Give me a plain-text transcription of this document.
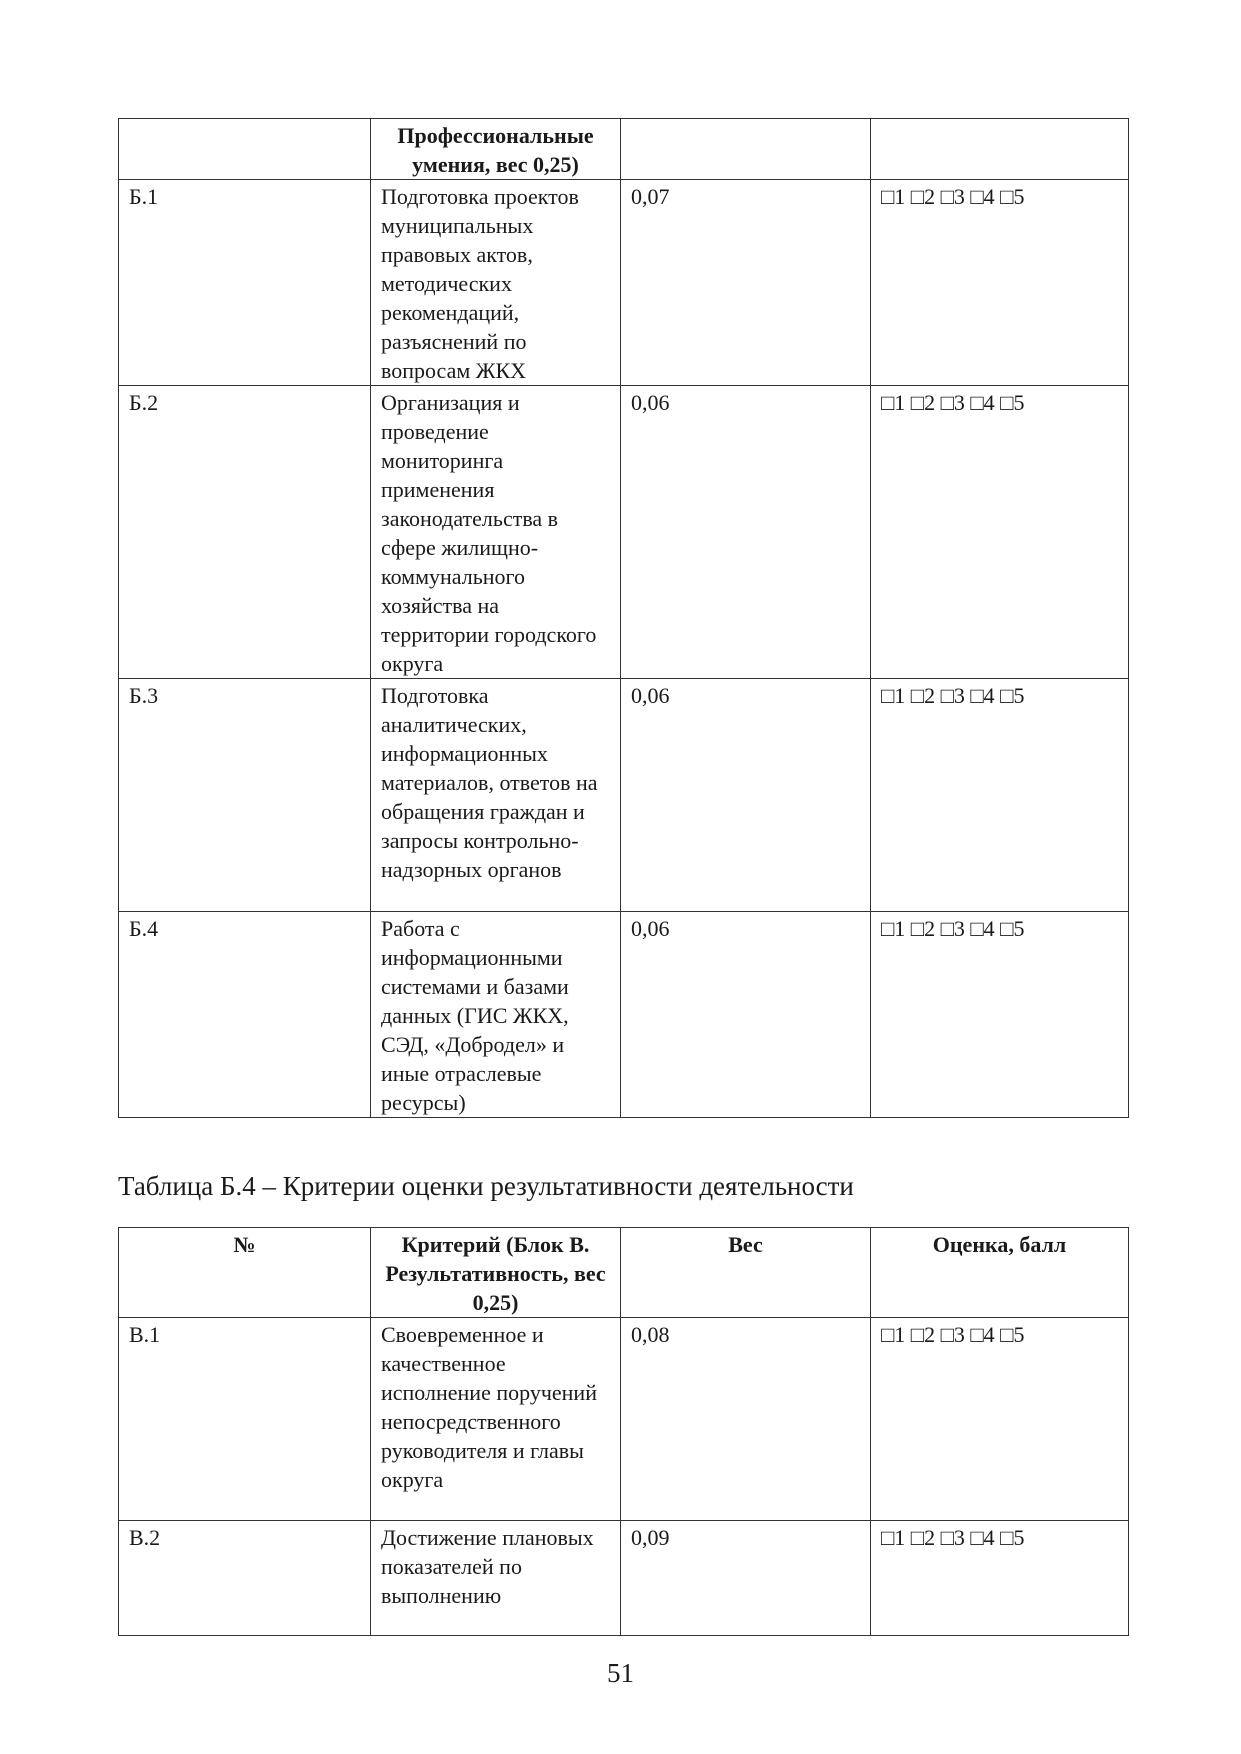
	Профессиональные умения, вес 0,25)		
Б.1	Подготовка проектов муниципальных правовых актов, методических рекомендаций, разъяснений по вопросам ЖКХ	0,07	□1 □2 □3 □4 □5
Б.2	Организация и проведение мониторинга применения законодательства в сфере жилищно-коммунального хозяйства на территории городского округа	0,06	□1 □2 □3 □4 □5
Б.3	Подготовка аналитических, информационных материалов, ответов на обращения граждан и запросы контрольно-надзорных органов	0,06	□1 □2 □3 □4 □5
Б.4	Работа с информационными системами и базами данных (ГИС ЖКХ, СЭД, «Добродел» и иные отраслевые ресурсы)	0,06	□1 □2 □3 □4 □5
Таблица Б.4 – Критерии оценки результативности деятельности
№	Критерий (Блок В. Результативность, вес 0,25)	Вес	Оценка, балл
В.1	Своевременное и качественное исполнение поручений непосредственного руководителя и главы округа	0,08	□1 □2 □3 □4 □5
В.2	Достижение плановых показателей по выполнению	0,09	□1 □2 □3 □4 □5
51
